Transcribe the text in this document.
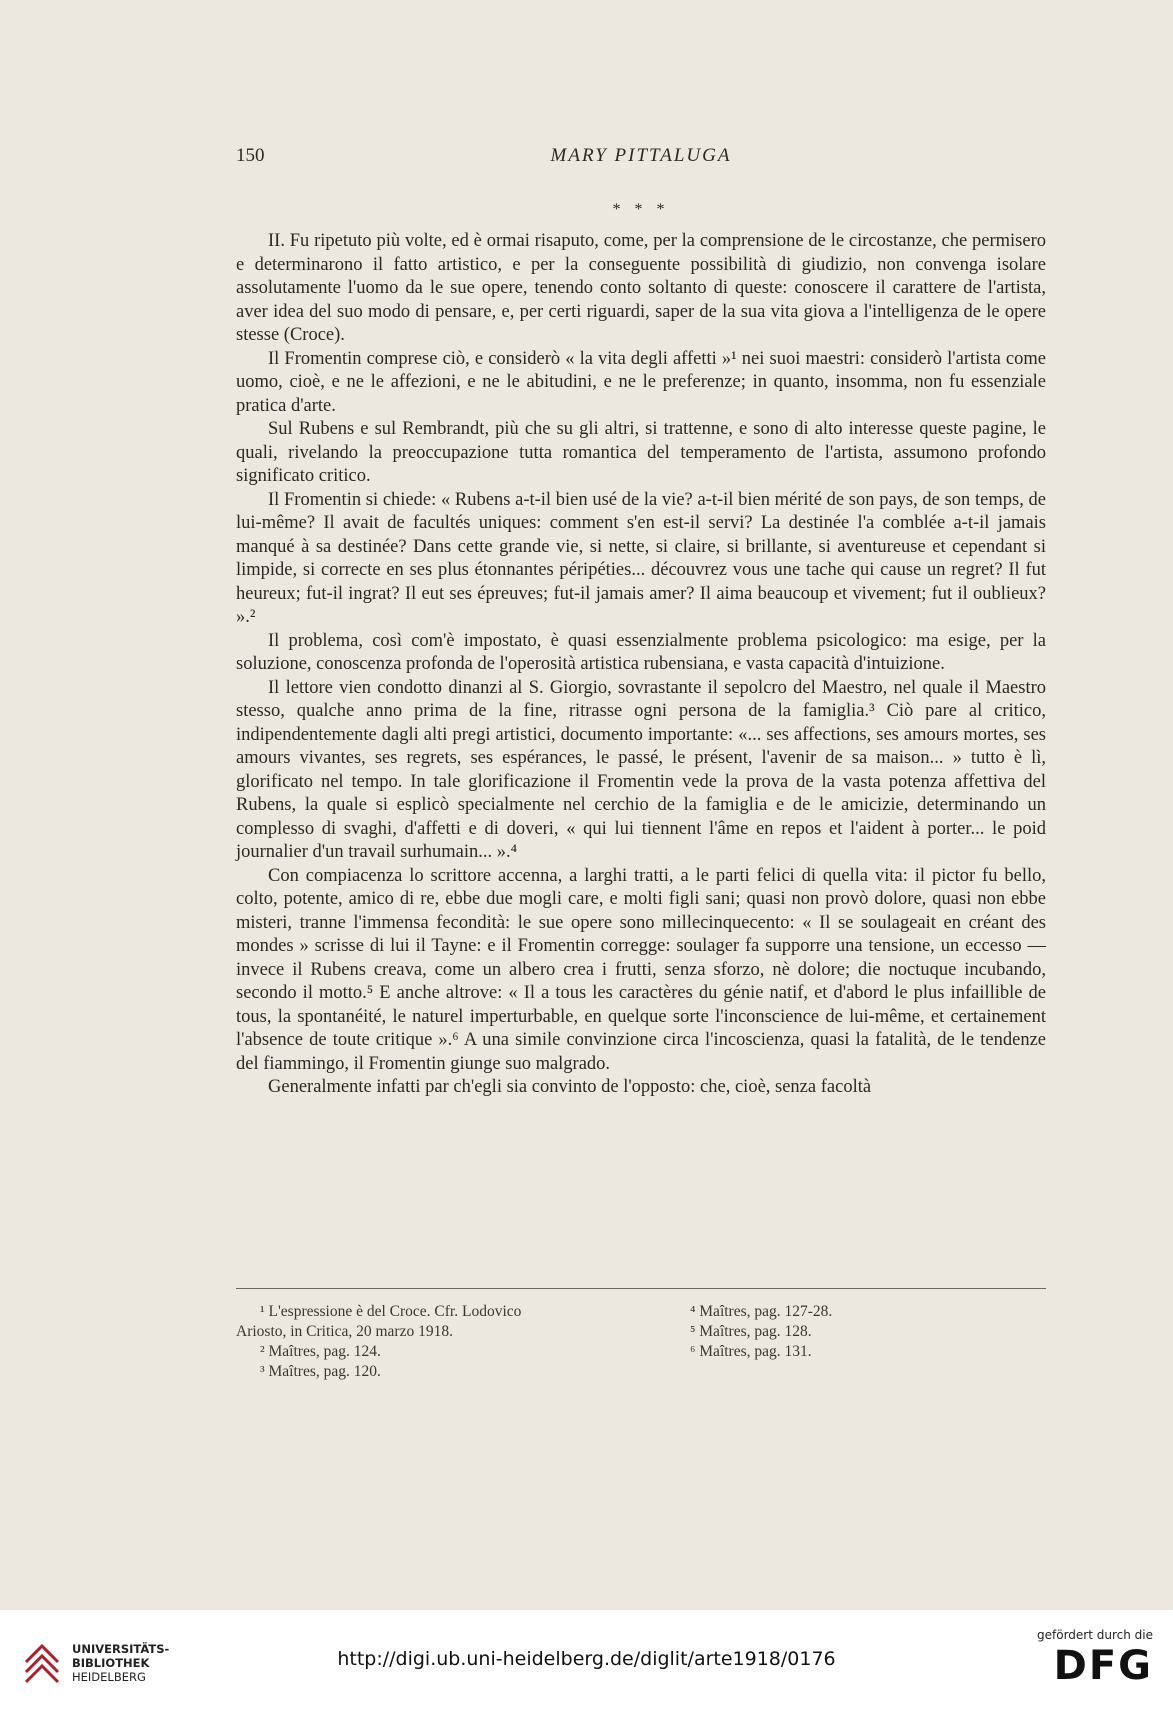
150	MARY PITTALUGA
* * *

II. Fu ripetuto più volte, ed è ormai risaputo, come, per la comprensione de le circostanze, che permisero e determinarono il fatto artistico, e per la conseguente possibilità di giudizio, non convenga isolare assolutamente l'uomo da le sue opere, tenendo conto soltanto di queste: conoscere il carattere de l'artista, aver idea del suo modo di pensare, e, per certi riguardi, saper de la sua vita giova a l'intelligenza de le opere stesse (Croce).

Il Fromentin comprese ciò, e considerò « la vita degli affetti »¹ nei suoi maestri: considerò l'artista come uomo, cioè, e ne le affezioni, e ne le abitudini, e ne le preferenze; in quanto, insomma, non fu essenziale pratica d'arte.

Sul Rubens e sul Rembrandt, più che su gli altri, si trattenne, e sono di alto interesse queste pagine, le quali, rivelando la preoccupazione tutta romantica del temperamento de l'artista, assumono profondo significato critico.

Il Fromentin si chiede: « Rubens a-t-il bien usé de la vie? a-t-il bien mérité de son pays, de son temps, de lui-même? Il avait de facultés uniques: comment s'en est-il servi? La destinée l'a comblée a-t-il jamais manqué à sa destinée? Dans cette grande vie, si nette, si claire, si brillante, si aventureuse et cependant si limpide, si correcte en ses plus étonnantes péripéties... découvrez vous une tache qui cause un regret? Il fut heureux; fut-il ingrat? Il eut ses épreuves; fut-il jamais amer? Il aima beaucoup et vivement; fut il oublieux? ».²

Il problema, così com'è impostato, è quasi essenzialmente problema psicologico: ma esige, per la soluzione, conoscenza profonda de l'operosità artistica rubensiana, e vasta capacità d'intuizione.

Il lettore vien condotto dinanzi al S. Giorgio, sovrastante il sepolcro del Maestro, nel quale il Maestro stesso, qualche anno prima de la fine, ritrasse ogni persona de la famiglia.³ Ciò pare al critico, indipendentemente dagli alti pregi artistici, documento importante: «... ses affections, ses amours mortes, ses amours vivantes, ses regrets, ses espérances, le passé, le présent, l'avenir de sa maison... » tutto è lì, glorificato nel tempo. In tale glorificazione il Fromentin vede la prova de la vasta potenza affettiva del Rubens, la quale si esplicò specialmente nel cerchio de la famiglia e de le amicizie, determinando un complesso di svaghi, d'affetti e di doveri, « qui lui tiennent l'âme en repos et l'aident à porter... le poid journalier d'un travail surhumain... ».⁴

Con compiacenza lo scrittore accenna, a larghi tratti, a le parti felici di quella vita: il pictor fu bello, colto, potente, amico di re, ebbe due mogli care, e molti figli sani; quasi non provò dolore, quasi non ebbe misteri, tranne l'immensa fecondità: le sue opere sono millecinquecento: « Il se soulageait en créant des mondes » scrisse di lui il Tayne: e il Fromentin corregge: soulager fa supporre una tensione, un eccesso — invece il Rubens creava, come un albero crea i frutti, senza sforzo, nè dolore; die noctuque incubando, secondo il motto.⁵ E anche altrove: « Il a tous les caractères du génie natif, et d'abord le plus infaillible de tous, la spontanéité, le naturel imperturbable, en quelque sorte l'inconscience de lui-même, et certainement l'absence de toute critique ».⁶ A una simile convinzione circa l'incoscienza, quasi la fatalità, de le tendenze del fiammingo, il Fromentin giunge suo malgrado.

Generalmente infatti par ch'egli sia convinto de l'opposto: che, cioè, senza facoltà

¹ L'espressione è del Croce. Cfr. Lodovico
Ariosto, in Critica, 20 marzo 1918.
² Maîtres, pag. 124.
³ Maîtres, pag. 120.
⁴ Maîtres, pag. 127-28.
⁵ Maîtres, pag. 128.
⁶ Maîtres, pag. 131.
UNIVERSITÄTS-
BIBLIOTHEK
HEIDELBERG
http://digi.ub.uni-heidelberg.de/diglit/arte1918/0176
gefördert durch die
DFG
